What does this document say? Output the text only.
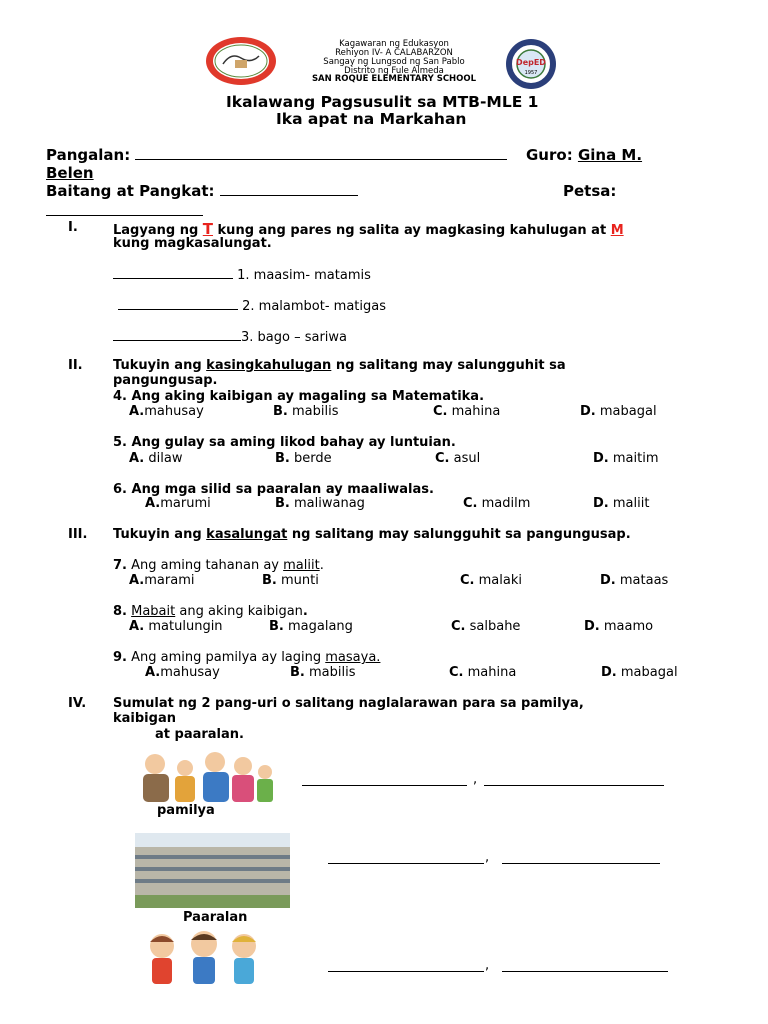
DepED
1957
Kagawaran ng Edukasyon
Rehiyon IV- A CALABARZON
Sangay ng Lungsod ng San Pablo
Distrito ng Fule Almeda
SAN ROQUE ELEMENTARY SCHOOL
Ikalawang Pagsusulit sa MTB-MLE 1
Ika apat na Markahan
Pangalan:	Guro: Gina M.
Belen
Baitang at Pangkat:	Petsa:
I.	Lagyang ng T kung ang pares ng salita ay magkasing kahulugan at M
kung magkasalungat.
1. maasim- matamis
2. malambot- matigas
3. bago – sariwa
II. Tukuyin ang kasingkahulugan ng salitang may salungguhit sa
pangungusap.
4. Ang aking kaibigan ay magaling sa Matematika.
A.mahusay	B. mabilis	C. mahina	D. mabagal
5. Ang gulay sa aming likod bahay ay luntuian.
A. dilaw	B. berde	C. asul	D. maitim
6. Ang mga silid sa paaralan ay maaliwalas.
A.marumi	B. maliwanag	C. madilm	D. maliit
III. Tukuyin ang kasalungat ng salitang may salungguhit sa pangungusap.
7. Ang aming tahanan ay maliit.
A.marami	B. munti	C. malaki	D. mataas
8. Mabait ang aking kaibigan.
A. matulungin	B. magalang	C. salbahe	D. maamo
9. Ang aming pamilya ay laging masaya.
A.mahusay	B. mabilis	C. mahina	D. mabagal
IV. Sumulat ng 2 pang-uri o salitang naglalarawan para sa pamilya,
kaibigan
at paaralan.
pamilya
,
Paaralan
,
,
